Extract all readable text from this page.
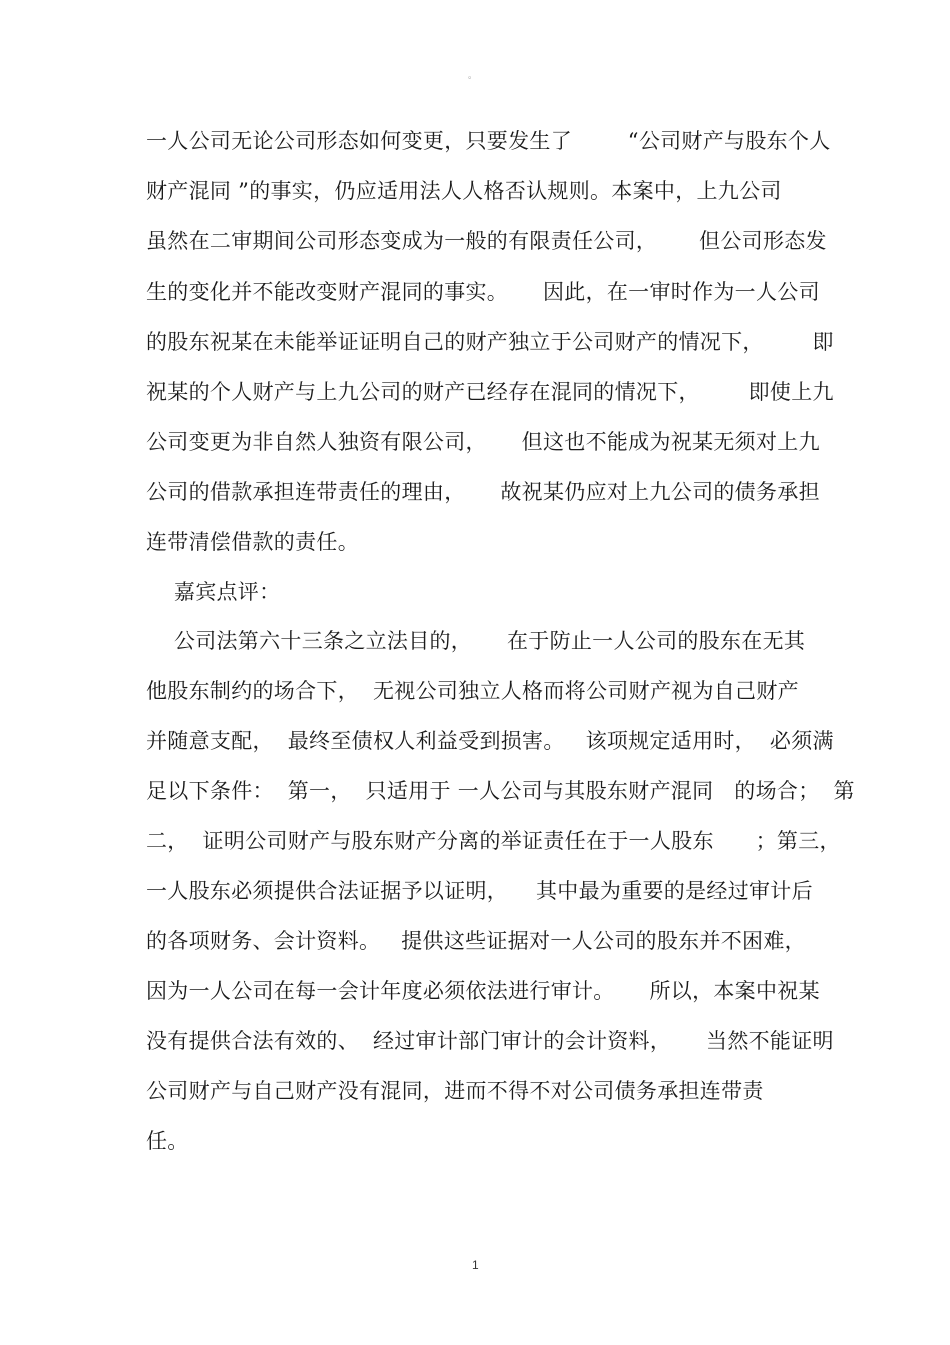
。
一人公司无论公司形态如何变更，只要发生了        “公司财产与股东个人
财产混同 ”的事实，仍应适用法人人格否认规则。本案中，上九公司
虽然在二审期间公司形态变成为一般的有限责任公司，      但公司形态发
生的变化并不能改变财产混同的事实。     因此，在一审时作为一人公司
的股东祝某在未能举证证明自己的财产独立于公司财产的情况下，       即
祝某的个人财产与上九公司的财产已经存在混同的情况下，       即使上九
公司变更为非自然人独资有限公司，     但这也不能成为祝某无须对上九
公司的借款承担连带责任的理由，     故祝某仍应对上九公司的债务承担
连带清偿借款的责任。
嘉宾点评：
公司法第六十三条之立法目的，     在于防止一人公司的股东在无其
他股东制约的场合下，  无视公司独立人格而将公司财产视为自己财产
并随意支配，  最终至债权人利益受到损害。   该项规定适用时，  必须满
足以下条件：  第一，  只适用于 一人公司与其股东财产混同   的场合；  第
二，  证明公司财产与股东财产分离的举证责任在于一人股东      ；第三，
一人股东必须提供合法证据予以证明，    其中最为重要的是经过审计后
的各项财务、会计资料。   提供这些证据对一人公司的股东并不困难，
因为一人公司在每一会计年度必须依法进行审计。     所以，本案中祝某
没有提供合法有效的、  经过审计部门审计的会计资料，     当然不能证明
公司财产与自己财产没有混同，进而不得不对公司债务承担连带责
任。
1
